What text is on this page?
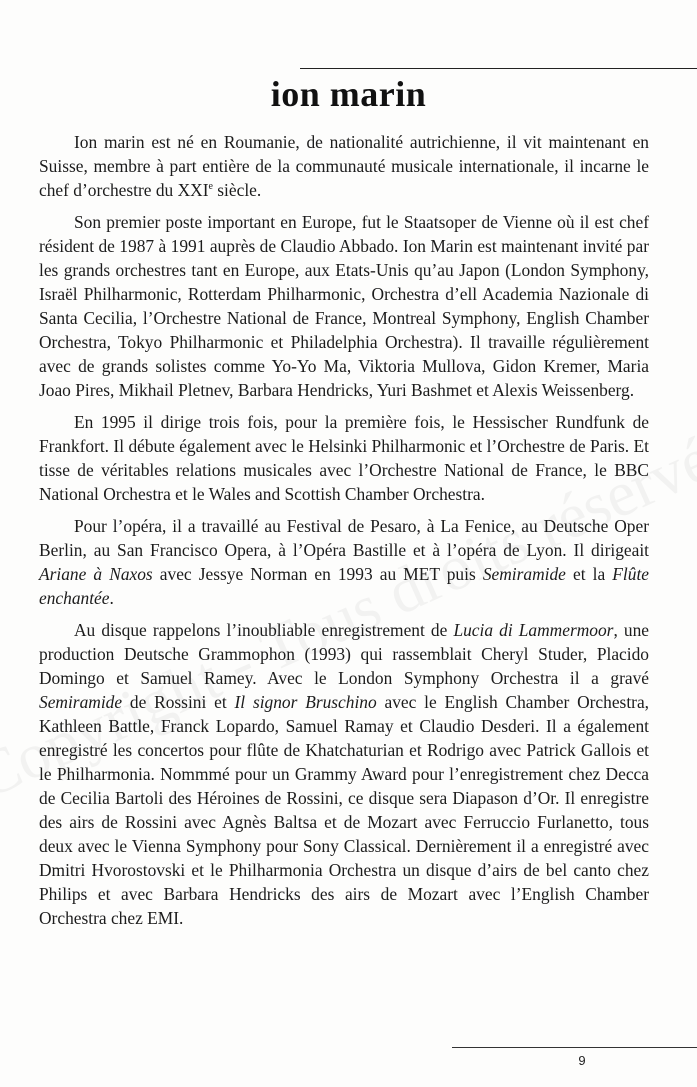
ion marin

Ion marin est né en Roumanie, de nationalité autrichienne, il vit maintenant en Suisse, membre à part entière de la communauté musicale internationale, il incarne le chef d’orchestre du XXIe siècle.

Son premier poste important en Europe, fut le Staatsoper de Vienne où il est chef résident de 1987 à 1991 auprès de Claudio Abbado. Ion Marin est maintenant invité par les grands orchestres tant en Europe, aux Etats-Unis qu’au Japon (London Symphony, Israël Philharmonic, Rotterdam Philharmonic, Orchestra d’ell Academia Nazionale di Santa Cecilia, l’Orchestre National de France, Montreal Symphony, English Chamber Orchestra, Tokyo Philharmonic et Philadelphia Orchestra). Il travaille régulièrement avec de grands solistes comme Yo-Yo Ma, Viktoria Mullova, Gidon Kremer, Maria Joao Pires, Mikhail Pletnev, Barbara Hendricks, Yuri Bashmet et Alexis Weissenberg.

En 1995 il dirige trois fois, pour la première fois, le Hessischer Rundfunk de Frankfort. Il débute également avec le Helsinki Philharmonic et l’Orchestre de Paris. Et tisse de véritables relations musicales avec l’Orchestre National de France, le BBC National Orchestra et le Wales and Scottish Chamber Orchestra.

Pour l’opéra, il a travaillé au Festival de Pesaro, à La Fenice, au Deutsche Oper Berlin, au San Francisco Opera, à l’Opéra Bastille et à l’opéra de Lyon. Il dirigeait Ariane à Naxos avec Jessye Norman en 1993 au MET puis Semiramide et la Flûte enchantée.

Au disque rappelons l’inoubliable enregistrement de Lucia di Lammermoor, une production Deutsche Grammophon (1993) qui rassemblait Cheryl Studer, Placido Domingo et Samuel Ramey. Avec le London Symphony Orchestra il a gravé Semiramide de Rossini et Il signor Bruschino avec le English Chamber Orchestra, Kathleen Battle, Franck Lopardo, Samuel Ramay et Claudio Desderi. Il a également enregistré les concertos pour flûte de Khatchaturian et Rodrigo avec Patrick Gallois et le Philharmonia. Nommmé pour un Grammy Award pour l’enregistrement chez Decca de Cecilia Bartoli des Héroines de Rossini, ce disque sera Diapason d’Or. Il enregistre des airs de Rossini avec Agnès Baltsa et de Mozart avec Ferruccio Furlanetto, tous deux avec le Vienna Symphony pour Sony Classical. Dernièrement il a enregistré avec Dmitri Hvorostovski et le Philharmonia Orchestra un disque d’airs de bel canto chez Philips et avec Barbara Hendricks des airs de Mozart avec l’English Chamber Orchestra chez EMI.

9
